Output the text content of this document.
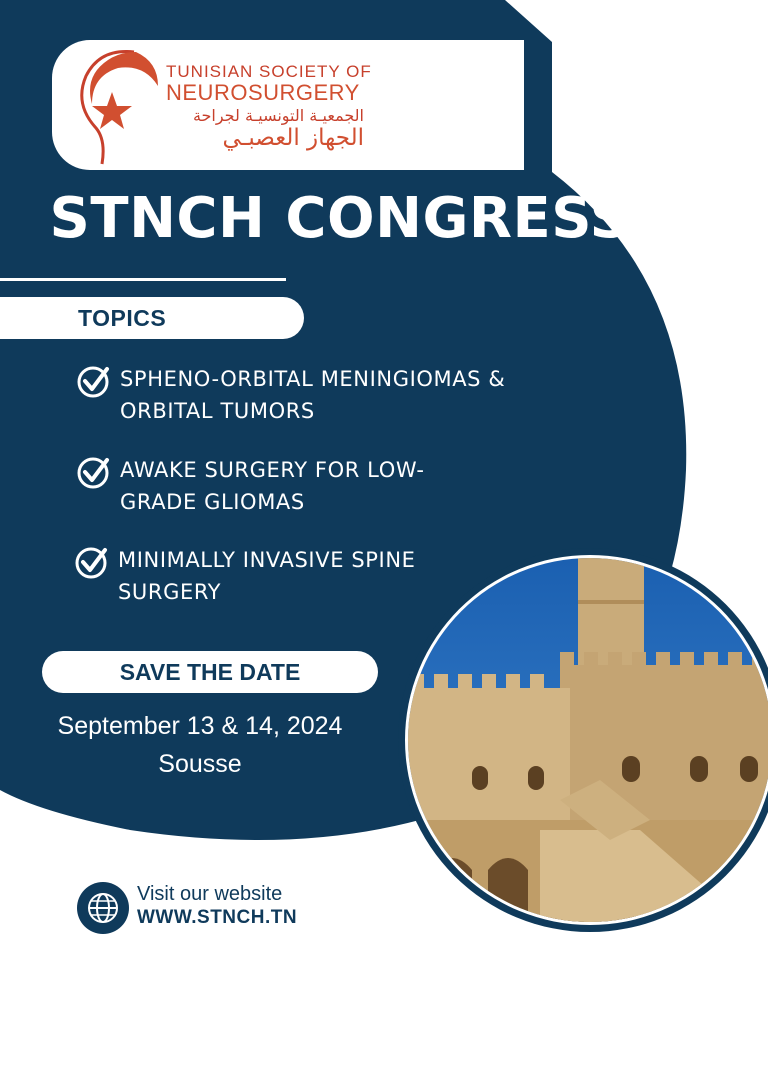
TUNISIAN SOCIETY OF
NEUROSURGERY
الجمعيـة التونسيـة لجراحة
الجهاز العصبـي
STNCH CONGRESS
TOPICS
SPHENO-ORBITAL MENINGIOMAS &
ORBITAL TUMORS
AWAKE SURGERY FOR LOW-
GRADE GLIOMAS
MINIMALLY INVASIVE SPINE
SURGERY
SAVE THE DATE
September 13 & 14, 2024
Sousse
Visit our website
WWW.STNCH.TN
